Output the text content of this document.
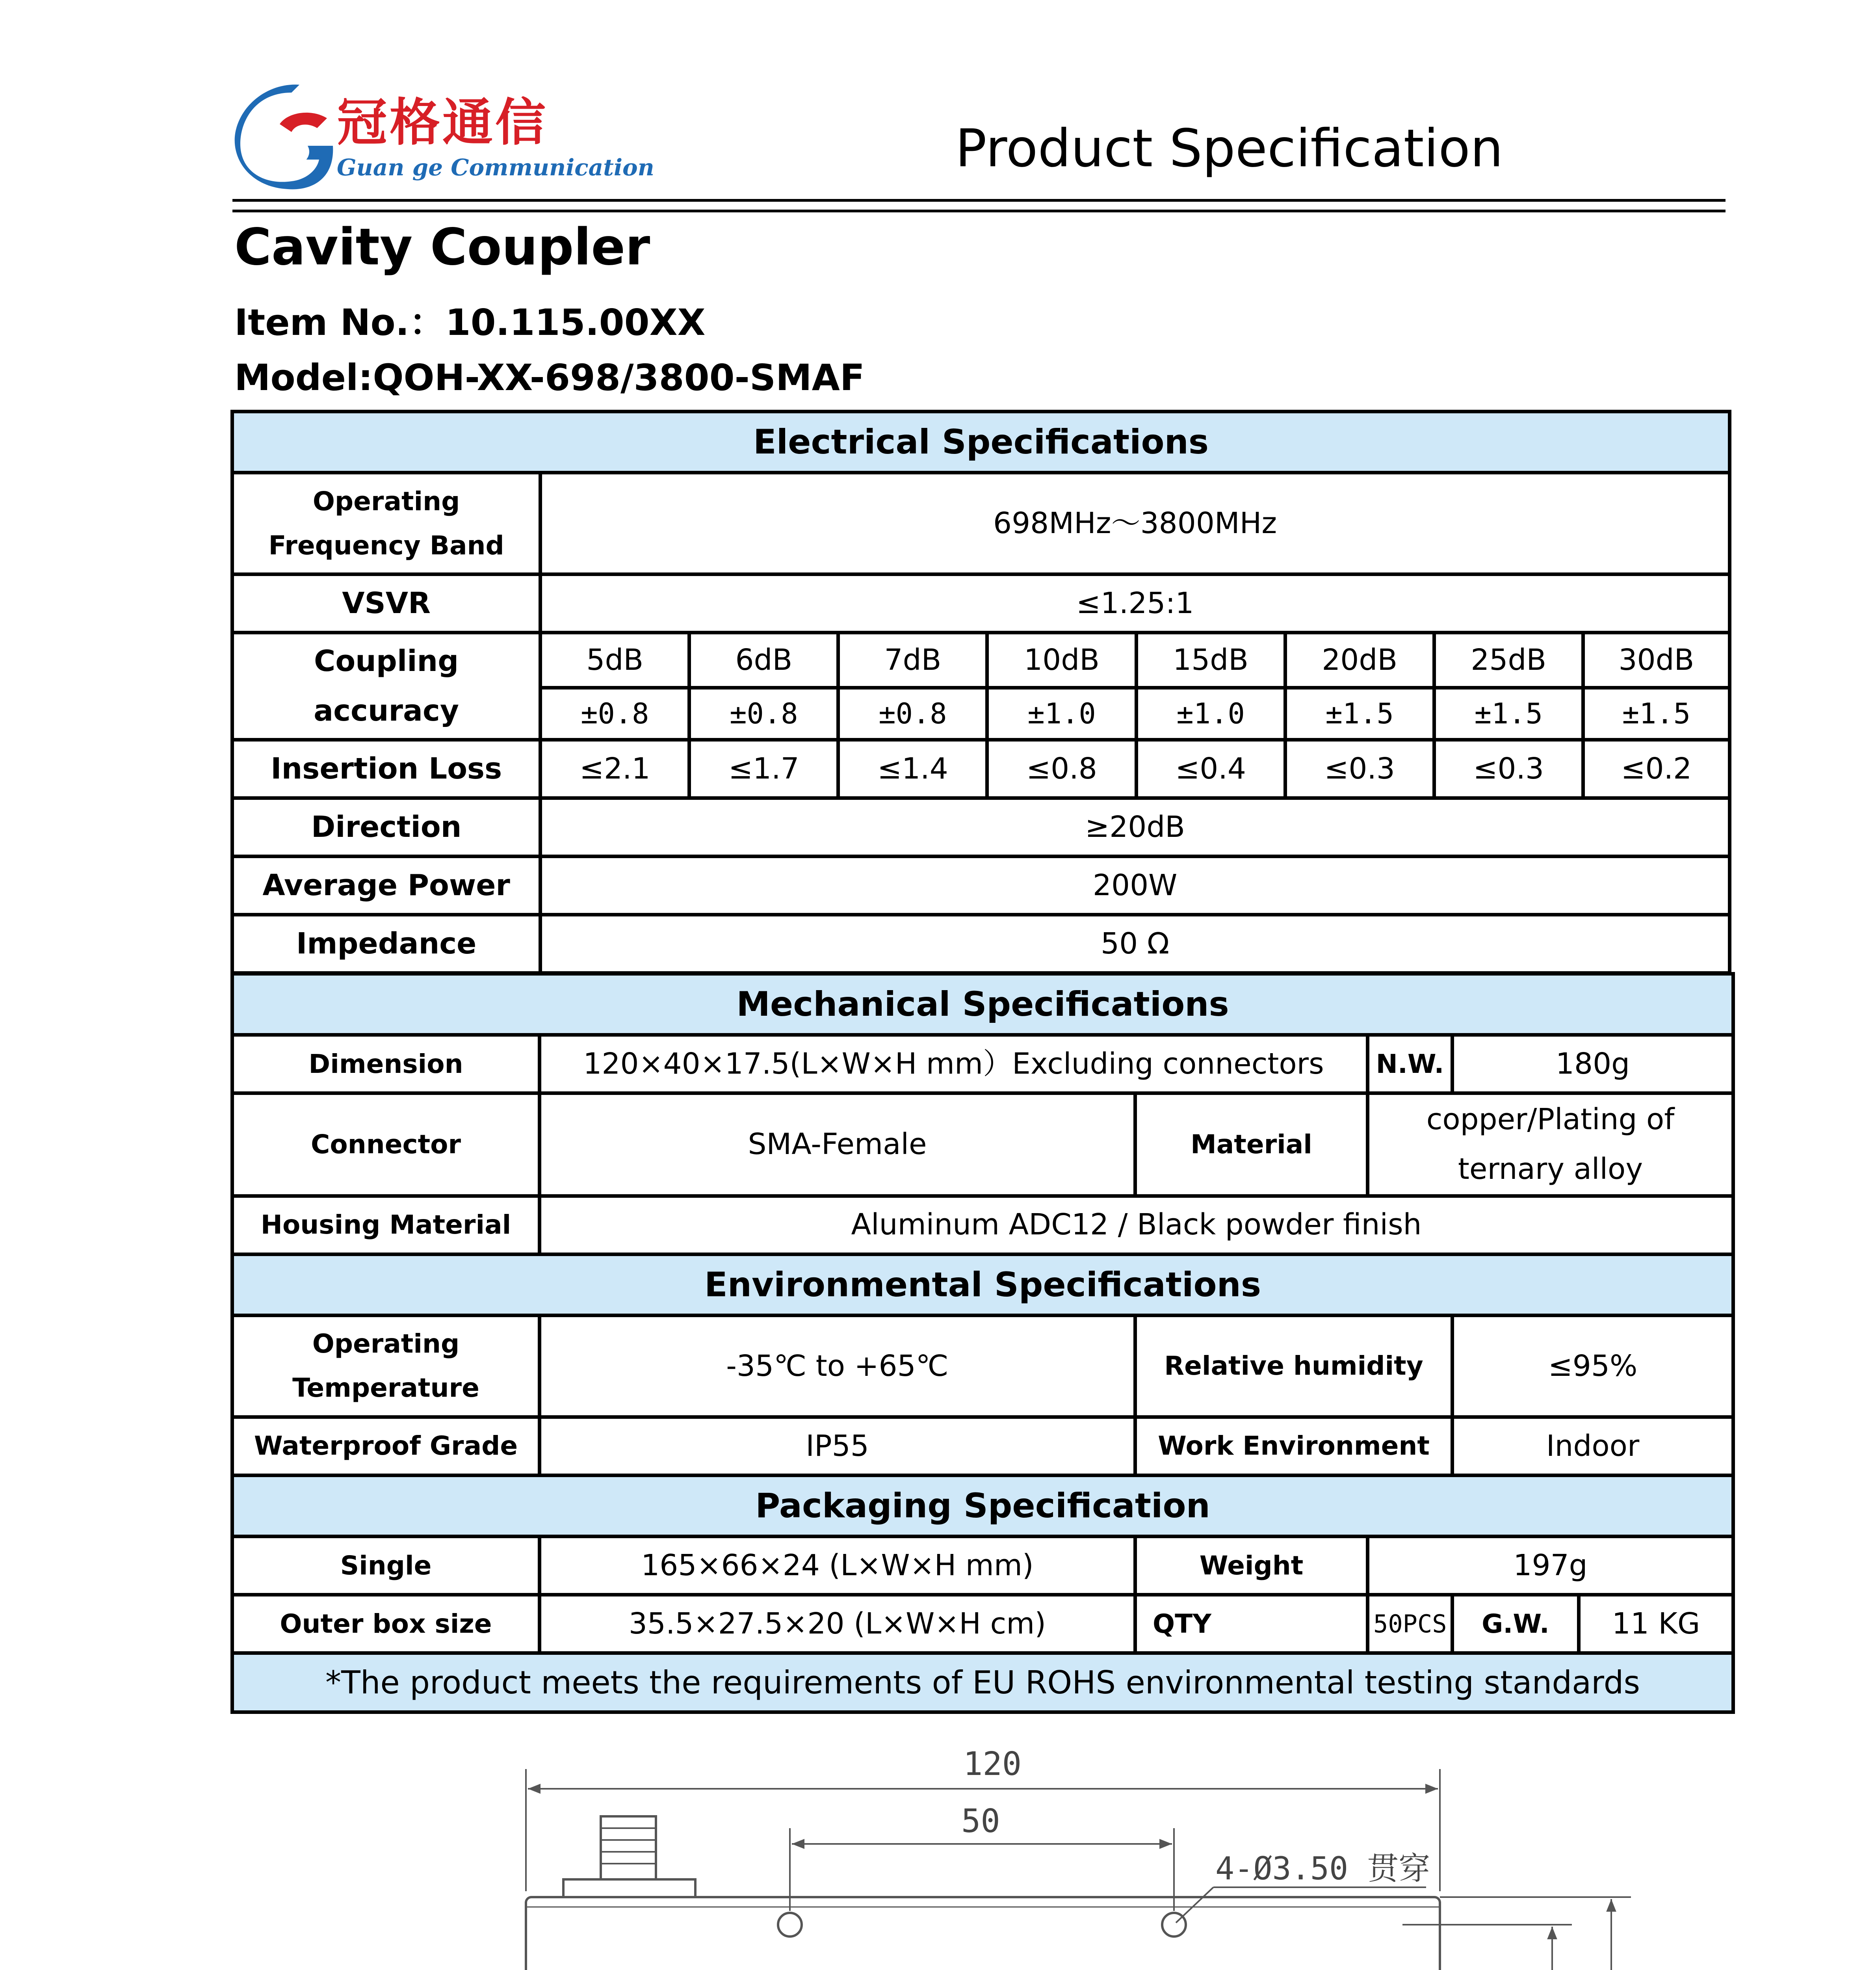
冠格通信
Guan ge Communication	Product Specification
Cavity Coupler
Item No.：10.115.00XX
Model:QOH-XX-698/3800-SMAF
Electrical Specifications								
Operating
Frequency Band	698MHz～3800MHz							
VSVR	≤1.25:1							
Coupling
accuracy	5dB	6dB	7dB	10dB	15dB	20dB	25dB	30dB
	±0.8	±0.8	±0.8	±1.0	±1.0	±1.5	±1.5	±1.5
Insertion Loss	≤2.1	≤1.7	≤1.4	≤0.8	≤0.4	≤0.3	≤0.3	≤0.2
Direction	≥20dB							
Average Power	200W							
Impedance	50 Ω							
Mechanical Specifications					
Dimension	120×40×17.5(L×W×H mm）Excluding connectors		N.W.	180g	
Connector	SMA-Female	Material	copper/Plating of
ternary alloy		
Housing Material	Aluminum ADC12 / Black powder finish				
Environmental Specifications					
Operating
Temperature	-35℃ to +65℃	Relative humidity		≤95%	
Waterproof Grade	IP55	Work Environment		Indoor	
Packaging Specification					
Single	165×66×24 (L×W×H mm)	Weight	197g		
Outer box size	35.5×27.5×20 (L×W×H cm)	QTY	50PCS	G.W.	11 KG
*The product meets the requirements of EU ROHS environmental testing standards					
120
50
4-Ø3.50 贯穿
